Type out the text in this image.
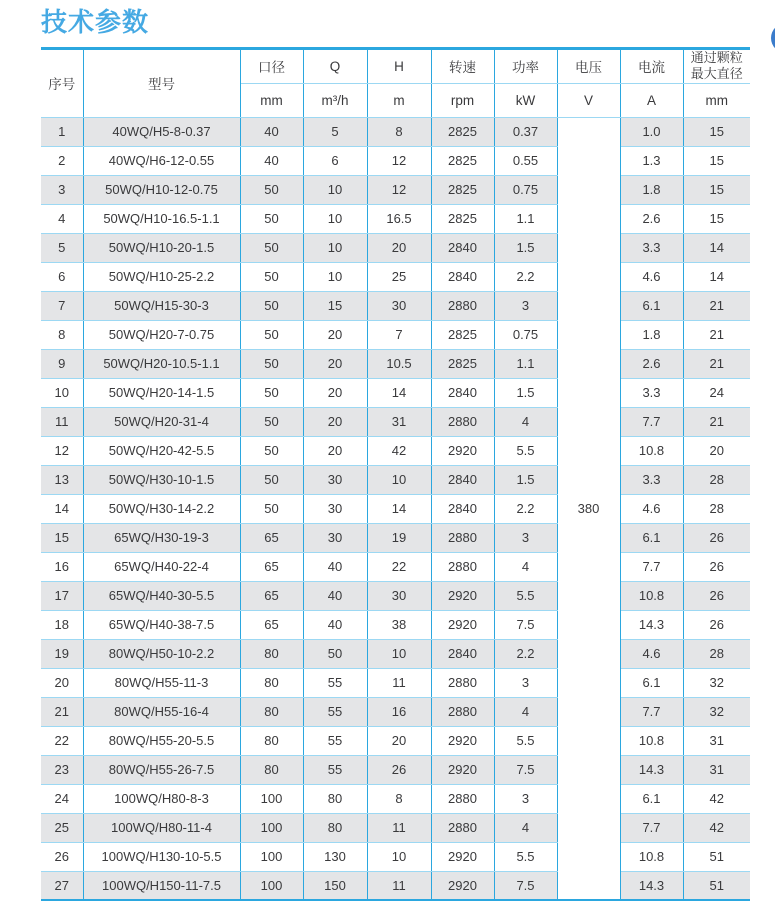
技术参数
序号	型号	口径	Q	H	转速	功率	电压	电流	通过颗粒最大直径
		mm	m³/h	m	rpm	kW	V	A	mm
1	40WQ/H5-8-0.37	40	5	8	2825	0.37	380	1.0	15
2	40WQ/H6-12-0.55	40	6	12	2825	0.55		1.3	15
3	50WQ/H10-12-0.75	50	10	12	2825	0.75		1.8	15
4	50WQ/H10-16.5-1.1	50	10	16.5	2825	1.1		2.6	15
5	50WQ/H10-20-1.5	50	10	20	2840	1.5		3.3	14
6	50WQ/H10-25-2.2	50	10	25	2840	2.2		4.6	14
7	50WQ/H15-30-3	50	15	30	2880	3		6.1	21
8	50WQ/H20-7-0.75	50	20	7	2825	0.75		1.8	21
9	50WQ/H20-10.5-1.1	50	20	10.5	2825	1.1		2.6	21
10	50WQ/H20-14-1.5	50	20	14	2840	1.5		3.3	24
11	50WQ/H20-31-4	50	20	31	2880	4		7.7	21
12	50WQ/H20-42-5.5	50	20	42	2920	5.5		10.8	20
13	50WQ/H30-10-1.5	50	30	10	2840	1.5		3.3	28
14	50WQ/H30-14-2.2	50	30	14	2840	2.2		4.6	28
15	65WQ/H30-19-3	65	30	19	2880	3		6.1	26
16	65WQ/H40-22-4	65	40	22	2880	4		7.7	26
17	65WQ/H40-30-5.5	65	40	30	2920	5.5		10.8	26
18	65WQ/H40-38-7.5	65	40	38	2920	7.5		14.3	26
19	80WQ/H50-10-2.2	80	50	10	2840	2.2		4.6	28
20	80WQ/H55-11-3	80	55	11	2880	3		6.1	32
21	80WQ/H55-16-4	80	55	16	2880	4		7.7	32
22	80WQ/H55-20-5.5	80	55	20	2920	5.5		10.8	31
23	80WQ/H55-26-7.5	80	55	26	2920	7.5		14.3	31
24	100WQ/H80-8-3	100	80	8	2880	3		6.1	42
25	100WQ/H80-11-4	100	80	11	2880	4		7.7	42
26	100WQ/H130-10-5.5	100	130	10	2920	5.5		10.8	51
27	100WQ/H150-11-7.5	100	150	11	2920	7.5		14.3	51
